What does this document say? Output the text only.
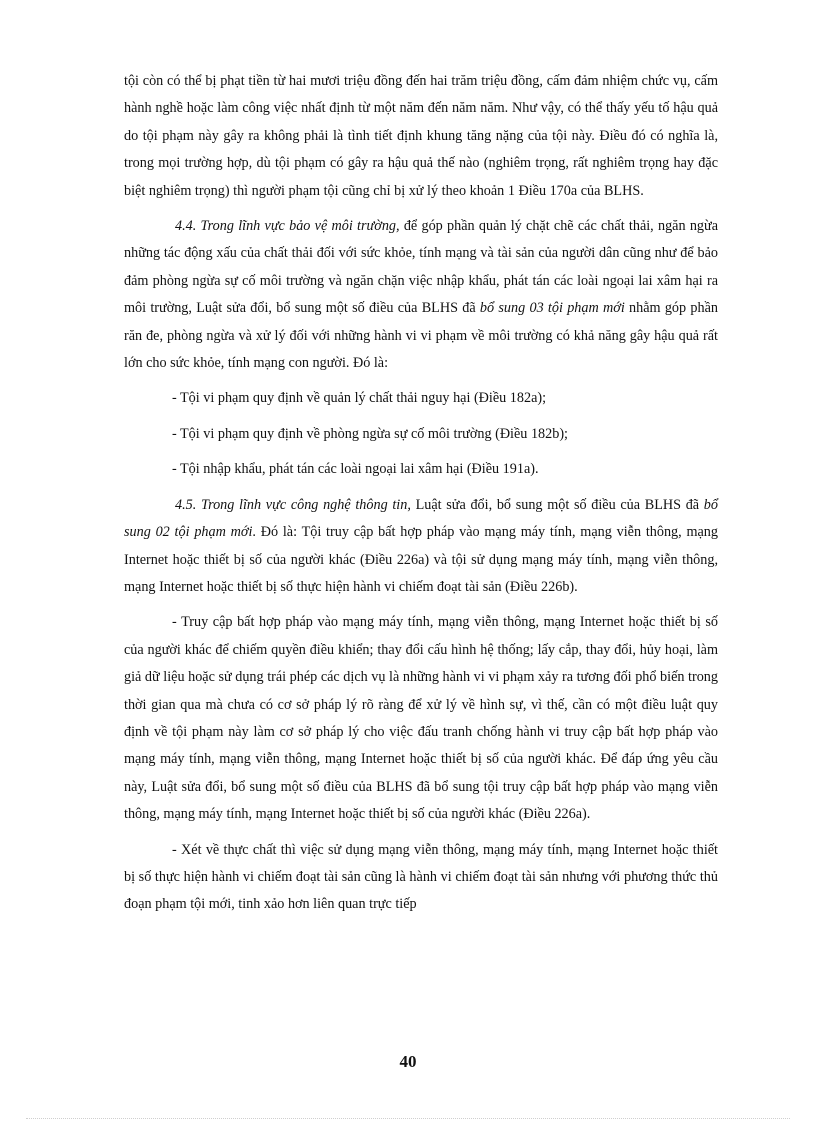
tội còn có thể bị phạt tiền từ hai mươi triệu đồng đến hai trăm triệu đồng, cấm đảm nhiệm chức vụ, cấm hành nghề hoặc làm công việc nhất định từ một năm đến năm năm. Như vậy, có thể thấy yếu tố hậu quả do tội phạm này gây ra không phải là tình tiết định khung tăng nặng của tội này. Điều đó có nghĩa là, trong mọi trường hợp, dù tội phạm có gây ra hậu quả thế nào (nghiêm trọng, rất nghiêm trọng hay đặc biệt nghiêm trọng) thì người phạm tội cũng chỉ bị xử lý theo khoản 1 Điều 170a của BLHS.

4.4. Trong lĩnh vực bảo vệ môi trường, để góp phần quản lý chặt chẽ các chất thải, ngăn ngừa những tác động xấu của chất thải đối với sức khỏe, tính mạng và tài sản của người dân cũng như để bảo đảm phòng ngừa sự cố môi trường và ngăn chặn việc nhập khẩu, phát tán các loài ngoại lai xâm hại ra môi trường, Luật sửa đổi, bổ sung một số điều của BLHS đã bổ sung 03 tội phạm mới nhằm góp phần răn đe, phòng ngừa và xử lý đối với những hành vi vi phạm về môi trường có khả năng gây hậu quả rất lớn cho sức khỏe, tính mạng con người. Đó là:

- Tội vi phạm quy định về quản lý chất thải nguy hại (Điều 182a);

- Tội vi phạm quy định về phòng ngừa sự cố môi trường (Điều 182b);

- Tội nhập khẩu, phát tán các loài ngoại lai xâm hại (Điều 191a).

4.5. Trong lĩnh vực công nghệ thông tin, Luật sửa đổi, bổ sung một số điều của BLHS đã bổ sung 02 tội phạm mới. Đó là: Tội truy cập bất hợp pháp vào mạng máy tính, mạng viễn thông, mạng Internet hoặc thiết bị số của người khác (Điều 226a) và tội sử dụng mạng máy tính, mạng viễn thông, mạng Internet hoặc thiết bị số thực hiện hành vi chiếm đoạt tài sản (Điều 226b).

- Truy cập bất hợp pháp vào mạng máy tính, mạng viễn thông, mạng Internet hoặc thiết bị số của người khác để chiếm quyền điều khiển; thay đổi cấu hình hệ thống; lấy cắp, thay đổi, hủy hoại, làm giả dữ liệu hoặc sử dụng trái phép các dịch vụ là những hành vi vi phạm xảy ra tương đối phổ biến trong thời gian qua mà chưa có cơ sở pháp lý rõ ràng để xử lý về hình sự, vì thế, cần có một điều luật quy định về tội phạm này làm cơ sở pháp lý cho việc đấu tranh chống hành vi truy cập bất hợp pháp vào mạng máy tính, mạng viễn thông, mạng Internet hoặc thiết bị số của người khác. Để đáp ứng yêu cầu này, Luật sửa đổi, bổ sung một số điều của BLHS đã bổ sung tội truy cập bất hợp pháp vào mạng viễn thông, mạng máy tính, mạng Internet hoặc thiết bị số của người khác (Điều 226a).

- Xét về thực chất thì việc sử dụng mạng viễn thông, mạng máy tính, mạng Internet hoặc thiết bị số thực hiện hành vi chiếm đoạt tài sản cũng là hành vi chiếm đoạt tài sản nhưng với phương thức thủ đoạn phạm tội mới, tinh xảo hơn liên quan trực tiếp

40
